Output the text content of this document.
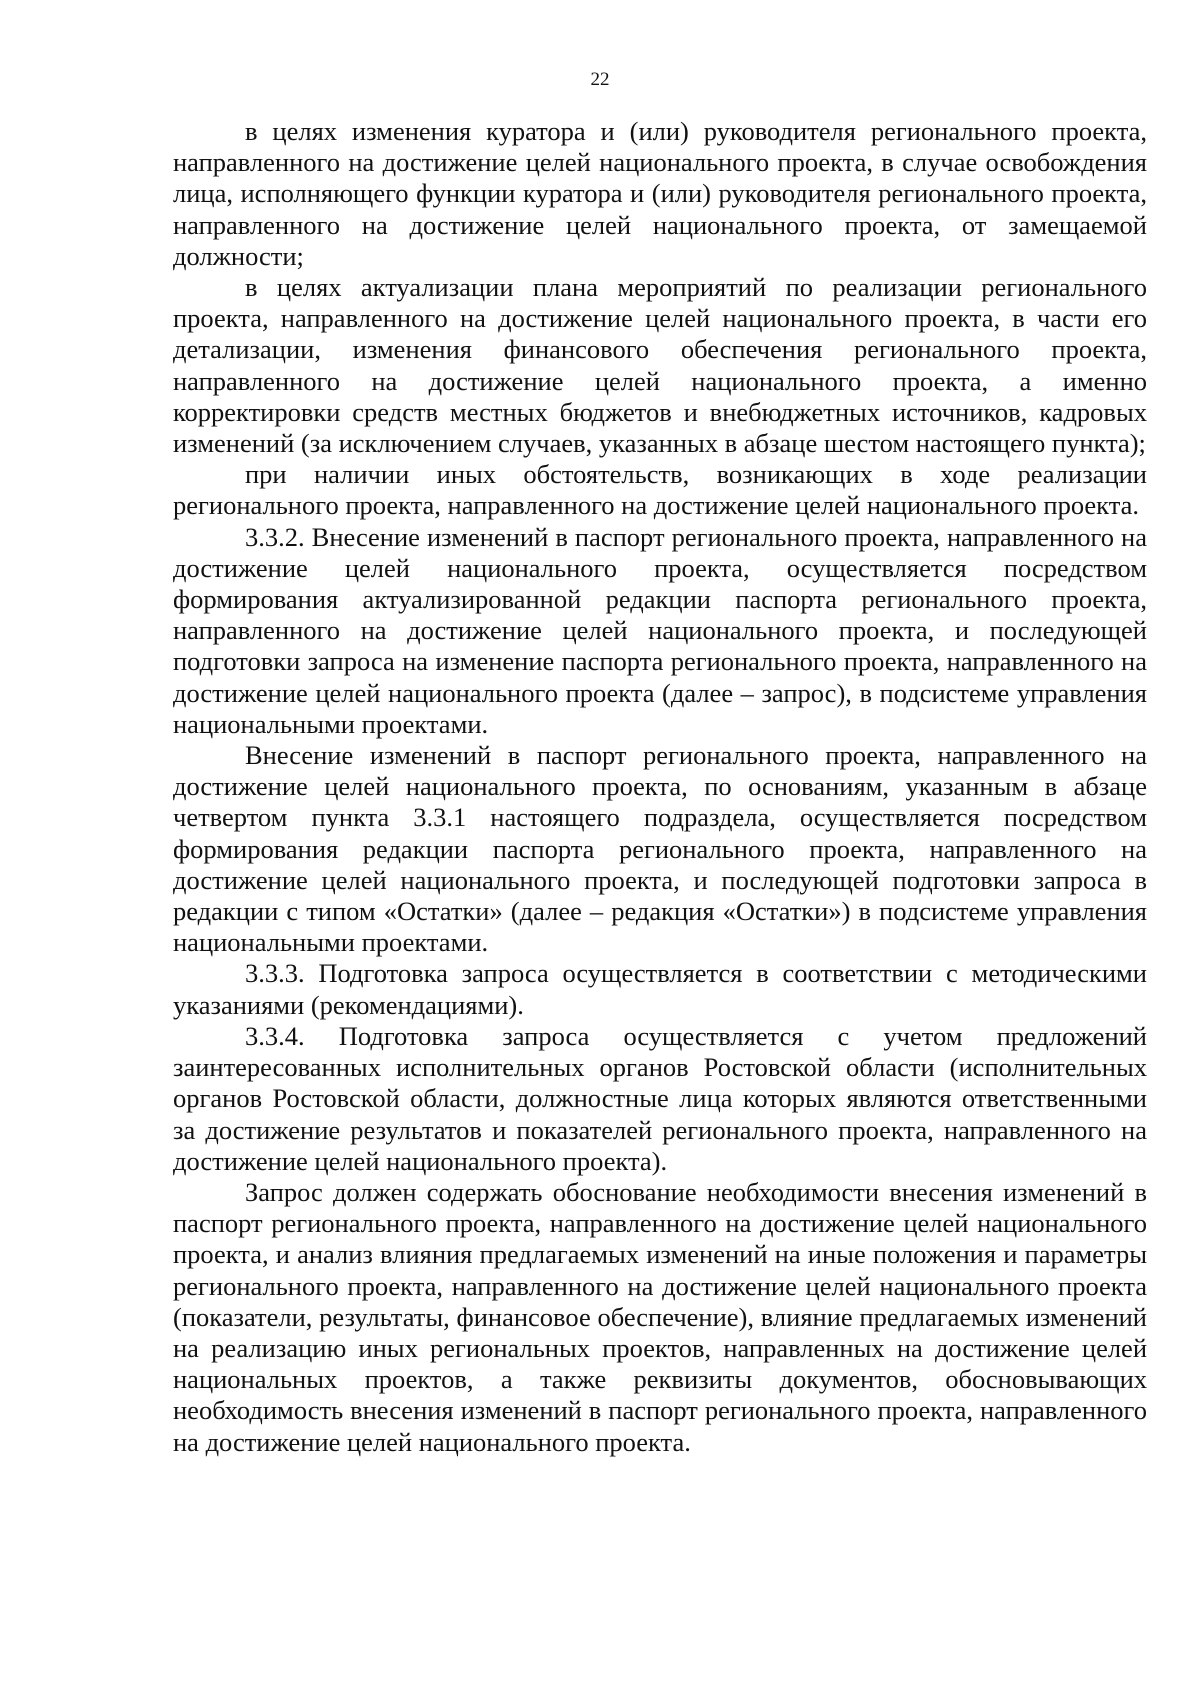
22

в целях изменения куратора и (или) руководителя регионального проекта, направленного на достижение целей национального проекта, в случае освобождения лица, исполняющего функции куратора и (или) руководителя регионального проекта, направленного на достижение целей национального проекта, от замещаемой должности;

в целях актуализации плана мероприятий по реализации регионального проекта, направленного на достижение целей национального проекта, в части его детализации, изменения финансового обеспечения регионального проекта, направленного на достижение целей национального проекта, а именно корректировки средств местных бюджетов и внебюджетных источников, кадровых изменений (за исключением случаев, указанных в абзаце шестом настоящего пункта);

при наличии иных обстоятельств, возникающих в ходе реализации регионального проекта, направленного на достижение целей национального проекта.

3.3.2. Внесение изменений в паспорт регионального проекта, направленного на достижение целей национального проекта, осуществляется посредством формирования актуализированной редакции паспорта регионального проекта, направленного на достижение целей национального проекта, и последующей подготовки запроса на изменение паспорта регионального проекта, направленного на достижение целей национального проекта (далее – запрос), в подсистеме управления национальными проектами.

Внесение изменений в паспорт регионального проекта, направленного на достижение целей национального проекта, по основаниям, указанным в абзаце четвертом пункта 3.3.1 настоящего подраздела, осуществляется посредством формирования редакции паспорта регионального проекта, направленного на достижение целей национального проекта, и последующей подготовки запроса в редакции с типом «Остатки» (далее – редакция «Остатки») в подсистеме управления национальными проектами.

3.3.3. Подготовка запроса осуществляется в соответствии с методическими указаниями (рекомендациями).

3.3.4. Подготовка запроса осуществляется с учетом предложений заинтересованных исполнительных органов Ростовской области (исполнительных органов Ростовской области, должностные лица которых являются ответственными за достижение результатов и показателей регионального проекта, направленного на достижение целей национального проекта).

Запрос должен содержать обоснование необходимости внесения изменений в паспорт регионального проекта, направленного на достижение целей национального проекта, и анализ влияния предлагаемых изменений на иные положения и параметры регионального проекта, направленного на достижение целей национального проекта (показатели, результаты, финансовое обеспечение), влияние предлагаемых изменений на реализацию иных региональных проектов, направленных на достижение целей национальных проектов, а также реквизиты документов, обосновывающих необходимость внесения изменений в паспорт регионального проекта, направленного на достижение целей национального проекта.
